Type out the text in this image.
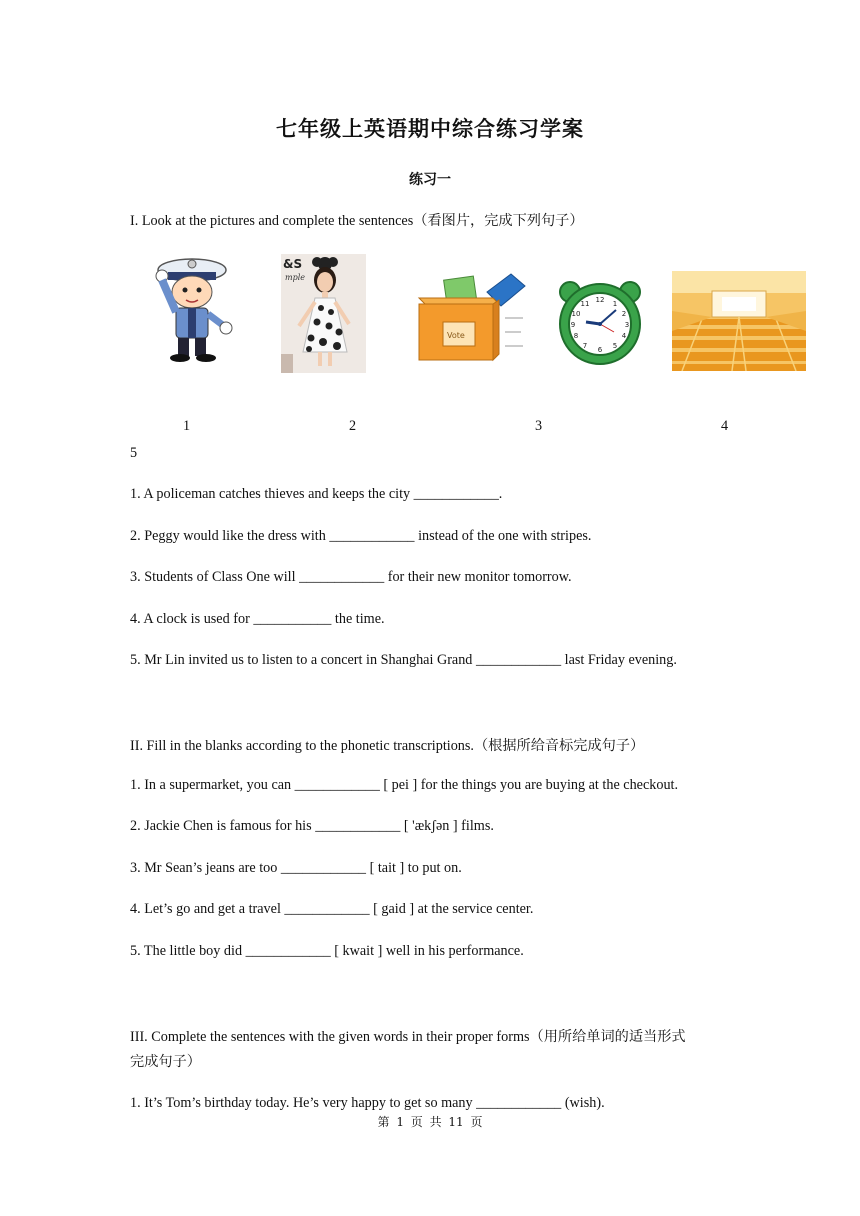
七年级上英语期中综合练习学案
练习一
I. Look at the pictures and complete the sentences（看图片，完成下列句子）
&S
mple
Vote
12 1
2
3
4
5
6
7
8
9
10
11
1	2	3	4
5
1. A policeman catches thieves and keeps the city ____________.
2. Peggy would like the dress with ____________ instead of the one with stripes.
3. Students of Class One will ____________ for their new monitor tomorrow.
4. A clock is used for ___________ the time.
5. Mr Lin invited us to listen to a concert in Shanghai Grand ____________ last Friday evening.
II. Fill in the blanks according to the phonetic transcriptions.（根据所给音标完成句子）
1. In a supermarket, you can ____________ [ pei ] for the things you are buying at the checkout.
2. Jackie Chen is famous for his ____________ [ 'ækʃən ] films.
3. Mr Sean’s jeans are too ____________ [ tait ] to put on.
4. Let’s go and get a travel ____________ [ gaid ] at the service center.
5. The little boy did ____________ [ kwait ] well in his performance.
III. Complete the sentences with the given words in their proper forms（用所给单词的适当形式
完成句子）
1. It’s Tom’s birthday today. He’s very happy to get so many ____________ (wish).
第 1 页 共 11 页
